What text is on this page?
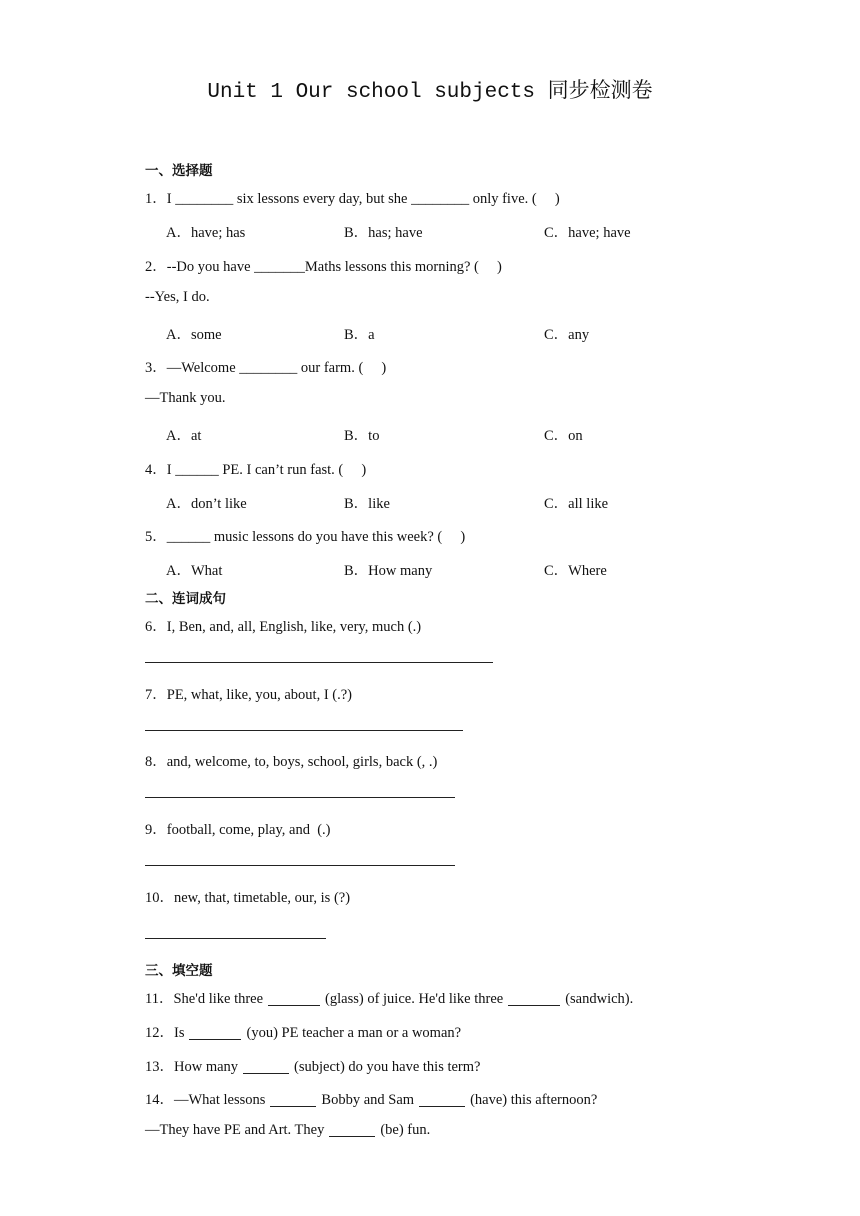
Unit 1 Our school subjects 同步检测卷
一、选择题
1．I ________ six lessons every day, but she ________ only five. (     )
A．have; has	B．has; have	C．have; have
2．--Do you have _______Maths lessons this morning? (     )
--Yes, I do.
A．some	B．a	C．any
3．—Welcome ________ our farm. (     )
—Thank you.
A．at	B．to	C．on
4．I ______ PE. I can’t run fast. (     )
A．don’t like	B．like	C．all like
5．______ music lessons do you have this week? (     )
A．What	B．How many	C．Where
二、连词成句
6．I, Ben, and, all, English, like, very, much (.)
7．PE, what, like, you, about, I (.?)
8．and, welcome, to, boys, school, girls, back (, .)
9．football, come, play, and  (.)
10．new, that, timetable, our, is (?)
三、填空题
11．She'd like three	(glass) of juice. He'd like three	(sandwich).
12．Is	(you) PE teacher a man or a woman?
13．How many	(subject) do you have this term?
14．—What lessons	Bobby and Sam	(have) this afternoon?
—They have PE and Art. They	(be) fun.
